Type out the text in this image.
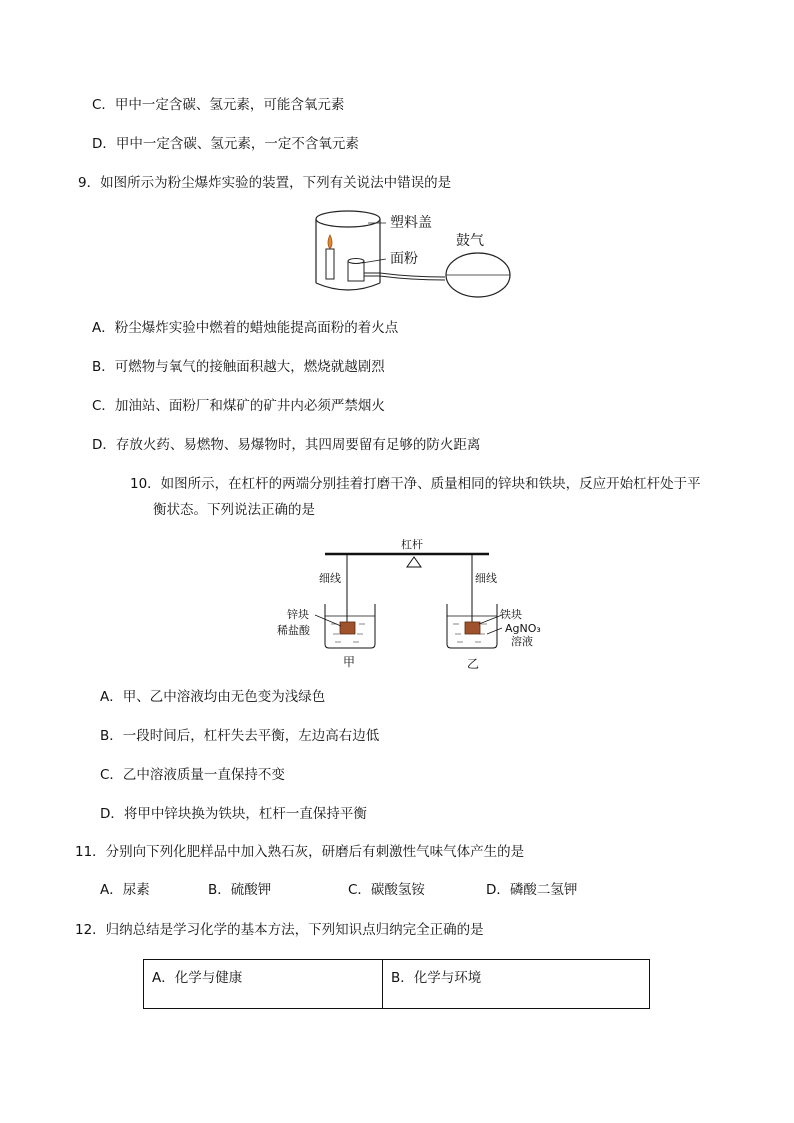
C．甲中一定含碳、氢元素，可能含氧元素
D．甲中一定含碳、氢元素，一定不含氧元素
9．如图所示为粉尘爆炸实验的装置，下列有关说法中错误的是
塑料盖
面粉
鼓气
A．粉尘爆炸实验中燃着的蜡烛能提高面粉的着火点
B．可燃物与氧气的接触面积越大，燃烧就越剧烈
C．加油站、面粉厂和煤矿的矿井内必须严禁烟火
D．存放火药、易燃物、易爆物时，其四周要留有足够的防火距离
10．如图所示，在杠杆的两端分别挂着打磨干净、质量相同的锌块和铁块，反应开始杠杆处于平
衡状态。下列说法正确的是
杠杆
细线	细线
锌块
稀盐酸
铁块
AgNO₃
溶液
甲	乙
A．甲、乙中溶液均由无色变为浅绿色
B．一段时间后，杠杆失去平衡，左边高右边低
C．乙中溶液质量一直保持不变
D．将甲中锌块换为铁块，杠杆一直保持平衡
11．分别向下列化肥样品中加入熟石灰，研磨后有刺激性气味气体产生的是
A．尿素	B．硫酸钾	C．碳酸氢铵	D．磷酸二氢钾
12．归纳总结是学习化学的基本方法，下列知识点归纳完全正确的是
A．化学与健康	B．化学与环境
